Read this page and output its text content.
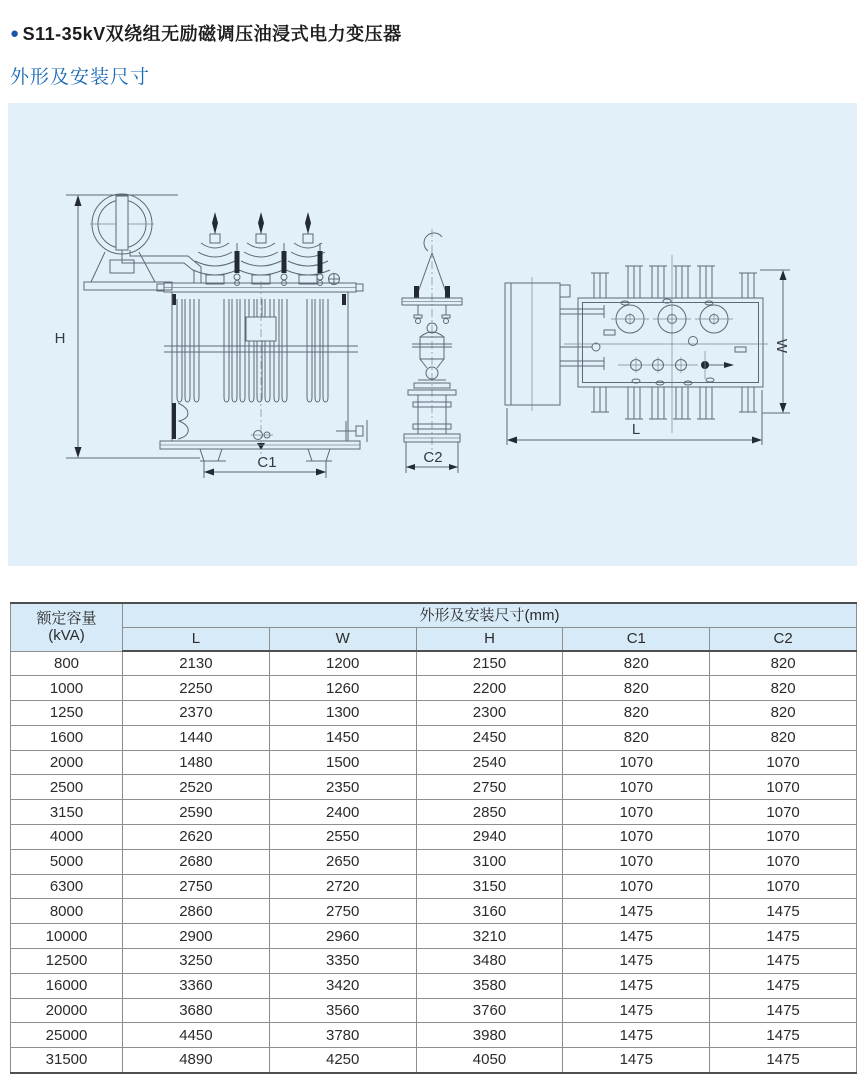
● S11-35kV双绕组无励磁调压油浸式电力变压器
外形及安装尺寸
H
C1	C2
W
L
额定容量
(kVA)	外形及安装尺寸(mm)				
	L	W	H	C1	C2
800	2130	1200	2150	820	820
1000	2250	1260	2200	820	820
1250	2370	1300	2300	820	820
1600	1440	1450	2450	820	820
2000	1480	1500	2540	1070	1070
2500	2520	2350	2750	1070	1070
3150	2590	2400	2850	1070	1070
4000	2620	2550	2940	1070	1070
5000	2680	2650	3100	1070	1070
6300	2750	2720	3150	1070	1070
8000	2860	2750	3160	1475	1475
10000	2900	2960	3210	1475	1475
12500	3250	3350	3480	1475	1475
16000	3360	3420	3580	1475	1475
20000	3680	3560	3760	1475	1475
25000	4450	3780	3980	1475	1475
31500	4890	4250	4050	1475	1475
